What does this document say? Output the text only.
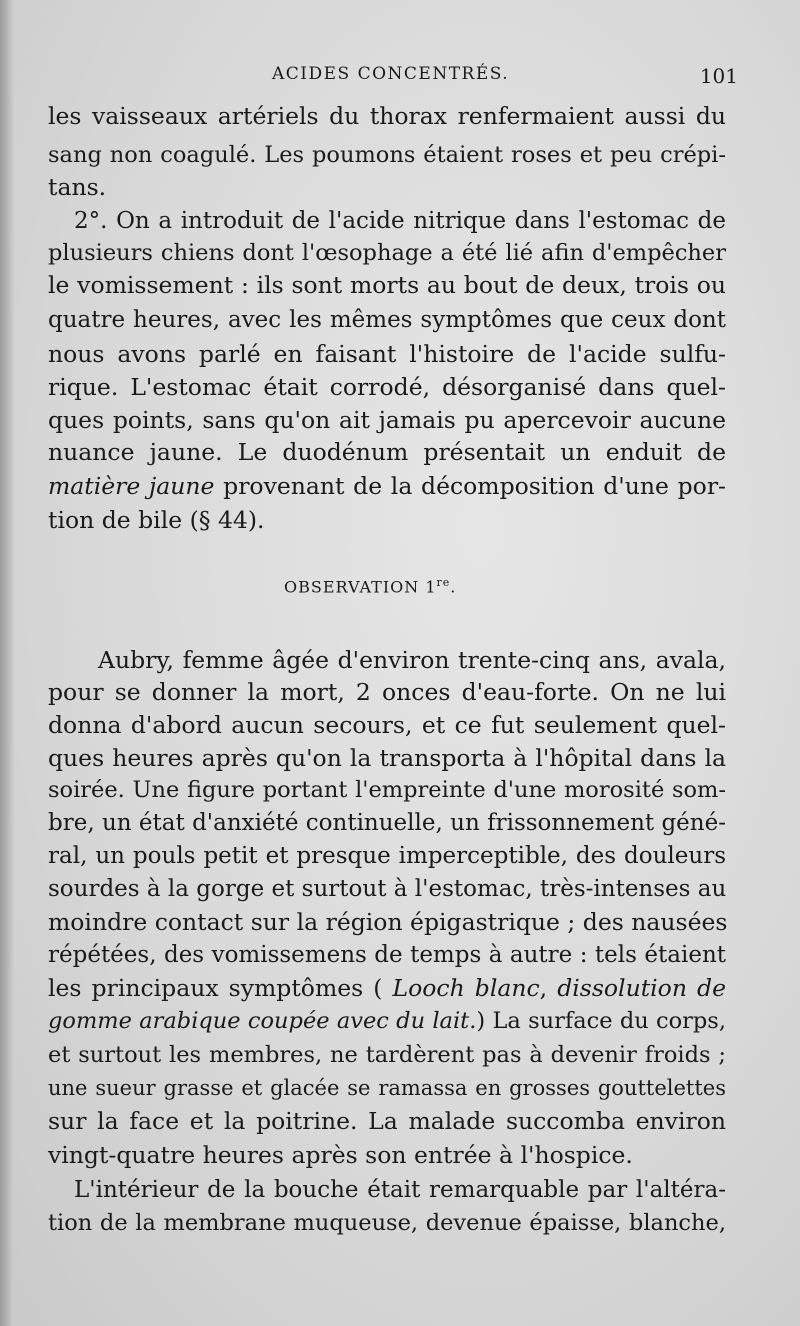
ACIDES CONCENTRÉS.	101
les vaisseaux artériels du thorax renfermaient aussi du
sang non coagulé. Les poumons étaient roses et peu crépi-
tans.
2°. On a introduit de l'acide nitrique dans l'estomac de
plusieurs chiens dont l'œsophage a été lié afin d'empêcher
le vomissement : ils sont morts au bout de deux, trois ou
quatre heures, avec les mêmes symptômes que ceux dont
nous avons parlé en faisant l'histoire de l'acide sulfu-
rique. L'estomac était corrodé, désorganisé dans quel-
ques points, sans qu'on ait jamais pu apercevoir aucune
nuance jaune. Le duodénum présentait un enduit de
matière jaune provenant de la décomposition d'une por-
tion de bile (§ 44).
OBSERVATION 1re.
Aubry, femme âgée d'environ trente-cinq ans, avala,
pour se donner la mort, 2 onces d'eau-forte. On ne lui
donna d'abord aucun secours, et ce fut seulement quel-
ques heures après qu'on la transporta à l'hôpital dans la
soirée. Une figure portant l'empreinte d'une morosité som-
bre, un état d'anxiété continuelle, un frissonnement géné-
ral, un pouls petit et presque imperceptible, des douleurs
sourdes à la gorge et surtout à l'estomac, très-intenses au
moindre contact sur la région épigastrique ; des nausées
répétées, des vomissemens de temps à autre : tels étaient
les principaux symptômes ( Looch blanc, dissolution de
gomme arabique coupée avec du lait.) La surface du corps,
et surtout les membres, ne tardèrent pas à devenir froids ;
une sueur grasse et glacée se ramassa en grosses gouttelettes
sur la face et la poitrine. La malade succomba environ
vingt-quatre heures après son entrée à l'hospice.
L'intérieur de la bouche était remarquable par l'altéra-
tion de la membrane muqueuse, devenue épaisse, blanche,
